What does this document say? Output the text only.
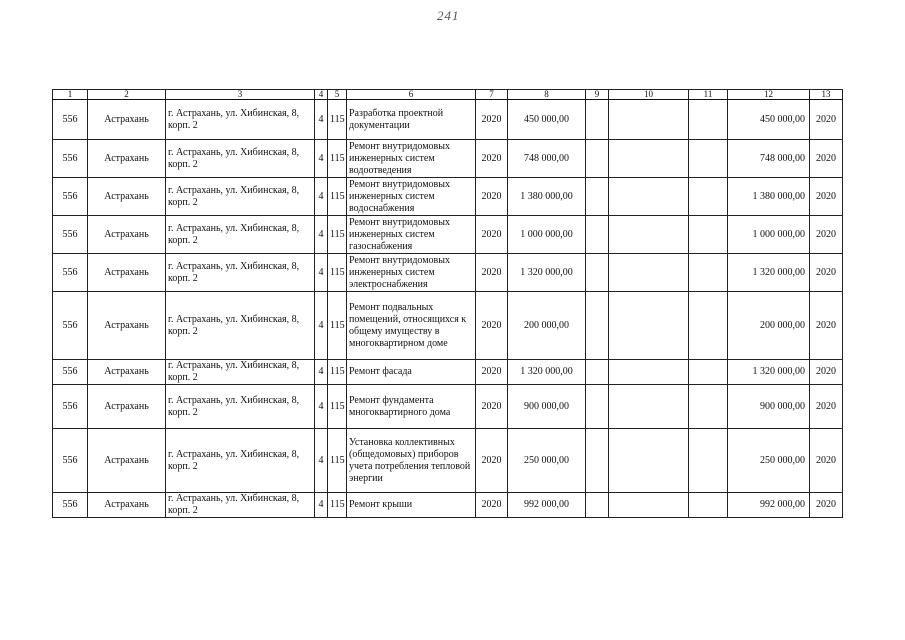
241
1	2	3	4	5	6	7	8	9	10	11	12	13
556	Астрахань	г. Астрахань, ул. Хибинская, 8, корп. 2	4	115	Разработка проектной документации	2020	450 000,00				450 000,00	2020
556	Астрахань	г. Астрахань, ул. Хибинская, 8, корп. 2	4	115	Ремонт внутридомовых инженерных систем водоотведения	2020	748 000,00				748 000,00	2020
556	Астрахань	г. Астрахань, ул. Хибинская, 8, корп. 2	4	115	Ремонт внутридомовых инженерных систем водоснабжения	2020	1 380 000,00				1 380 000,00	2020
556	Астрахань	г. Астрахань, ул. Хибинская, 8, корп. 2	4	115	Ремонт внутридомовых инженерных систем газоснабжения	2020	1 000 000,00				1 000 000,00	2020
556	Астрахань	г. Астрахань, ул. Хибинская, 8, корп. 2	4	115	Ремонт внутридомовых инженерных систем электроснабжения	2020	1 320 000,00				1 320 000,00	2020
556	Астрахань	г. Астрахань, ул. Хибинская, 8, корп. 2	4	115	Ремонт подвальных помещений, относящихся к общему имуществу в многоквартирном доме	2020	200 000,00				200 000,00	2020
556	Астрахань	г. Астрахань, ул. Хибинская, 8, корп. 2	4	115	Ремонт фасада	2020	1 320 000,00				1 320 000,00	2020
556	Астрахань	г. Астрахань, ул. Хибинская, 8, корп. 2	4	115	Ремонт фундамента многоквартирного дома	2020	900 000,00				900 000,00	2020
556	Астрахань	г. Астрахань, ул. Хибинская, 8, корп. 2	4	115	Установка коллективных (общедомовых) приборов учета потребления тепловой энергии	2020	250 000,00				250 000,00	2020
556	Астрахань	г. Астрахань, ул. Хибинская, 8, корп. 2	4	115	Ремонт крыши	2020	992 000,00				992 000,00	2020
